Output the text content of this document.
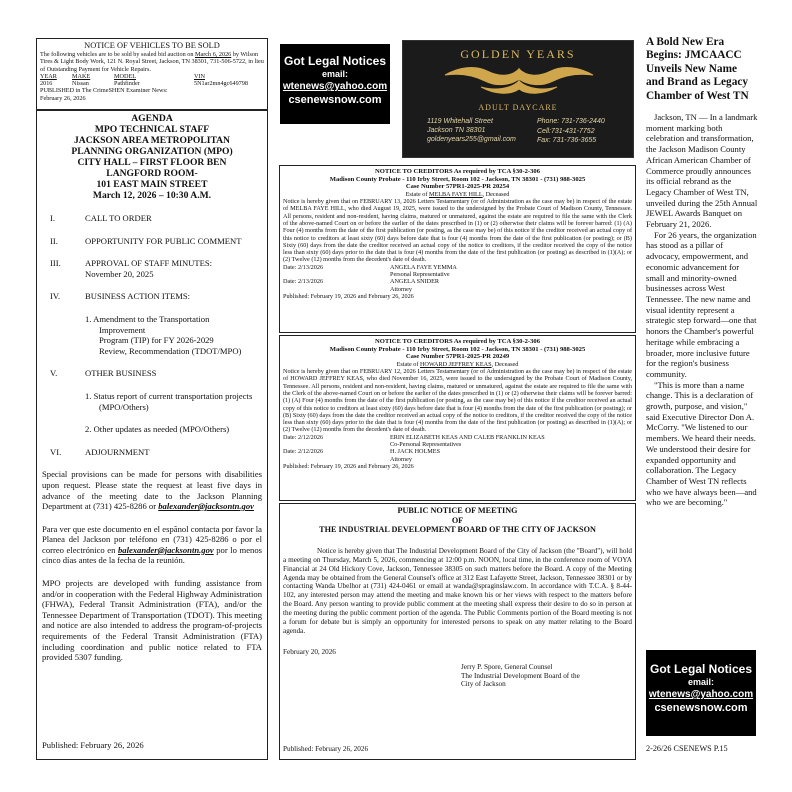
NOTICE OF VEHICLES TO BE SOLD
The following vehicles are to be sold by sealed bid auction on March 6, 2026 by Wilson Tires & Light Body Work, 121 N. Royal Street, Jackson, TN 38301, 731-506-5722, in lieu of Outstanding Payment for Vehicle Repairs.
YEAR	MAKE	MODEL	VIN
2016	Nissan	Pathfinder	5N1ar2mn4gc649798
PUBLISHED in The CrimeSHEN Examiner News:
February 26, 2026
AGENDA
MPO TECHNICAL STAFF
JACKSON AREA METROPOLITAN
PLANNING ORGANIZATION (MPO)
CITY HALL – FIRST FLOOR BEN
LANGFORD ROOM-
101 EAST MAIN STREET
March 12, 2026 – 10:30 A.M.
I.	CALL TO ORDER
II.	OPPORTUNITY FOR PUBLIC COMMENT
III.	APPROVAL OF STAFF MINUTES:
November 20, 2025
IV.	BUSINESS ACTION ITEMS:
1. Amendment to the Transportation
Improvement
Program (TIP) for FY 2026-2029
Review, Recommendation (TDOT/MPO)
V.	OTHER BUSINESS
1. Status report of current transportation projects
(MPO/Others)
2. Other updates as needed (MPO/Others)
VI.	ADJOURNMENT
Special provisions can be made for persons with disabilities upon request. Please state the request at least five days in advance of the meeting date to the Jackson Planning Department at (731) 425-8286 or balexander@jacksontn.gov
Para ver que este documento en el espãnol contacta por favor la Planea del Jackson por teléfono en (731) 425-8286 o por el correo electrónico en balexander@jacksontn.gov por lo menos cinco días antes de la fecha de la reunión.
MPO projects are developed with funding assistance from and/or in cooperation with the Federal Highway Administration (FHWA), Federal Transit Administration (FTA), and/or the Tennessee Department of Transportation (TDOT). This meeting and notice are also intended to address the program-of-projects requirements of the Federal Transit Administration (FTA) including coordination and public notice related to FTA provided 5307 funding.
Published: February 26, 2026
Got Legal Notices
email:
wtenews@yahoo.com
csenewsnow.com
GOLDEN YEARS
ADULT DAYCARE
1119 Whitehall Street
Jackson TN 38301
goldenyears255@gmail.com
Phone: 731-736-2440
Cell:731-431-7752
Fax: 731-736-3655
NOTICE TO CREDITORS As required by TCA §30-2-306
Madison County Probate - 110 Irby Street, Room 102 - Jackson, TN 38301 - (731) 988-3025
Case Number 57PR1-2025-PR 20254
Estate of MELBA FAYE HILL, Deceased
Notice is hereby given that on FEBRUARY 13, 2026 Letters Testamentary (or of Administration as the case may be) in respect of the estate of MELBA FAYE HILL, who died August 19, 2025, were issued to the undersigned by the Probate Court of Madison County, Tennessee. All persons, resident and non-resident, having claims, matured or unmatured, against the estate are required to file the same with the Clerk of the above-named Court on or before the earlier of the dates prescribed in (1) or (2) otherwise their claims will be forever barred: (1) (A) Four (4) months from the date of the first publication (or posting, as the case may be) of this notice if the creditor received an actual copy of this notice to creditors at least sixty (60) days before date that is four (4) months from the date of the first publication (or posting); or (B) Sixty (60) days from the date the creditor received an actual copy of the notice to creditors, if the creditor received the copy of the notice less than sixty (60) days prior to the date that is four (4) months from the date of the first publication (or posting) as described in (1)(A); or (2) Twelve (12) months from the decedent's date of death.
Date: 2/13/2026	ANGELA FAYE YEMMA
Personal Representative
Date: 2/13/2026	ANGELA SNIDER
Attorney
Published: February 19, 2026 and February 26, 2026
NOTICE TO CREDITORS As required by TCA §30-2-306
Madison County Probate - 110 Irby Street, Room 102 - Jackson, TN 38301 - (731) 988-3025
Case Number 57PR1-2025-PR 20249
Estate of HOWARD JEFFREY KEAS, Deceased
Notice is hereby given that on FEBRUARY 12, 2026 Letters Testamentary (or of Administration as the case may be) in respect of the estate of HOWARD JEFFREY KEAS, who died November 16, 2025, were issued to the undersigned by the Probate Court of Madison County, Tennessee. All persons, resident and non-resident, having claims, matured or unmatured, against the estate are required to file the same with the Clerk of the above-named Court on or before the earlier of the dates prescribed in (1) or (2) otherwise their claims will be forever barred: (1) (A) Four (4) months from the date of the first publication (or posting, as the case may be) of this notice if the creditor received an actual copy of this notice to creditors at least sixty (60) days before date that is four (4) months from the date of the first publication (or posting); or (B) Sixty (60) days from the date the creditor received an actual copy of the notice to creditors, if the creditor received the copy of the notice less than sixty (60) days prior to the date that is four (4) months from the date of the first publication (or posting) as described in (1)(A); or (2) Twelve (12) months from the decedent's date of death.
Date: 2/12/2026	ERIN ELIZABETH KEAS AND CALEB FRANKLIN KEAS
Co-Personal Representatives
Date: 2/12/2026	H. JACK HOLMES
Attorney
Published: February 19, 2026 and February 26, 2026
PUBLIC NOTICE OF MEETING
OF
THE INDUSTRIAL DEVELOPMENT BOARD OF THE CITY OF JACKSON
Notice is hereby given that The Industrial Development Board of the City of Jackson (the "Board"), will hold a meeting on Thursday, March 5, 2026, commencing at 12:00 p.m. NOON, local time, in the conference room of VOYA Financial at 24 Old Hickory Cove, Jackson, Tennessee 38305 on such matters before the Board. A copy of the Meeting Agenda may be obtained from the General Counsel's office at 312 East Lafayette Street, Jackson, Tennessee 38301 or by contacting Wanda Ubelhor at (731) 424-0461 or email at wanda@spraginslaw.com. In accordance with T.C.A. § 8-44-102, any interested person may attend the meeting and make known his or her views with respect to the matters before the Board. Any person wanting to provide public comment at the meeting shall express their desire to do so in person at the meeting during the public comment portion of the agenda. The Public Comments portion of the Board meeting is not a forum for debate but is simply an opportunity for interested persons to speak on any matter relating to the Board agenda.
February 20, 2026
Jerry P. Spore, General Counsel
The Industrial Development Board of the
City of Jackson
Published: February 26, 2026
A Bold New Era Begins: JMCAACC Unveils New Name and Brand as Legacy Chamber of West TN
Jackson, TN — In a landmark moment marking both celebration and transformation, the Jackson Madison County African American Chamber of Commerce proudly announces its official rebrand as the Legacy Chamber of West TN, unveiled during the 25th Annual JEWEL Awards Banquet on February 21, 2026.
For 26 years, the organization has stood as a pillar of advocacy, empowerment, and economic advancement for small and minority-owned businesses across West Tennessee. The new name and visual identity represent a strategic step forward—one that honors the Chamber's powerful heritage while embracing a broader, more inclusive future for the region's business community.
"This is more than a name change. This is a declaration of growth, purpose, and vision," said Executive Director Don A. McCorry. "We listened to our members. We heard their needs. We understood their desire for expanded opportunity and collaboration. The Legacy Chamber of West TN reflects who we have always been—and who we are becoming."
Got Legal Notices
email:
wtenews@yahoo.com
csenewsnow.com
2-26/26 CSENEWS P.15
